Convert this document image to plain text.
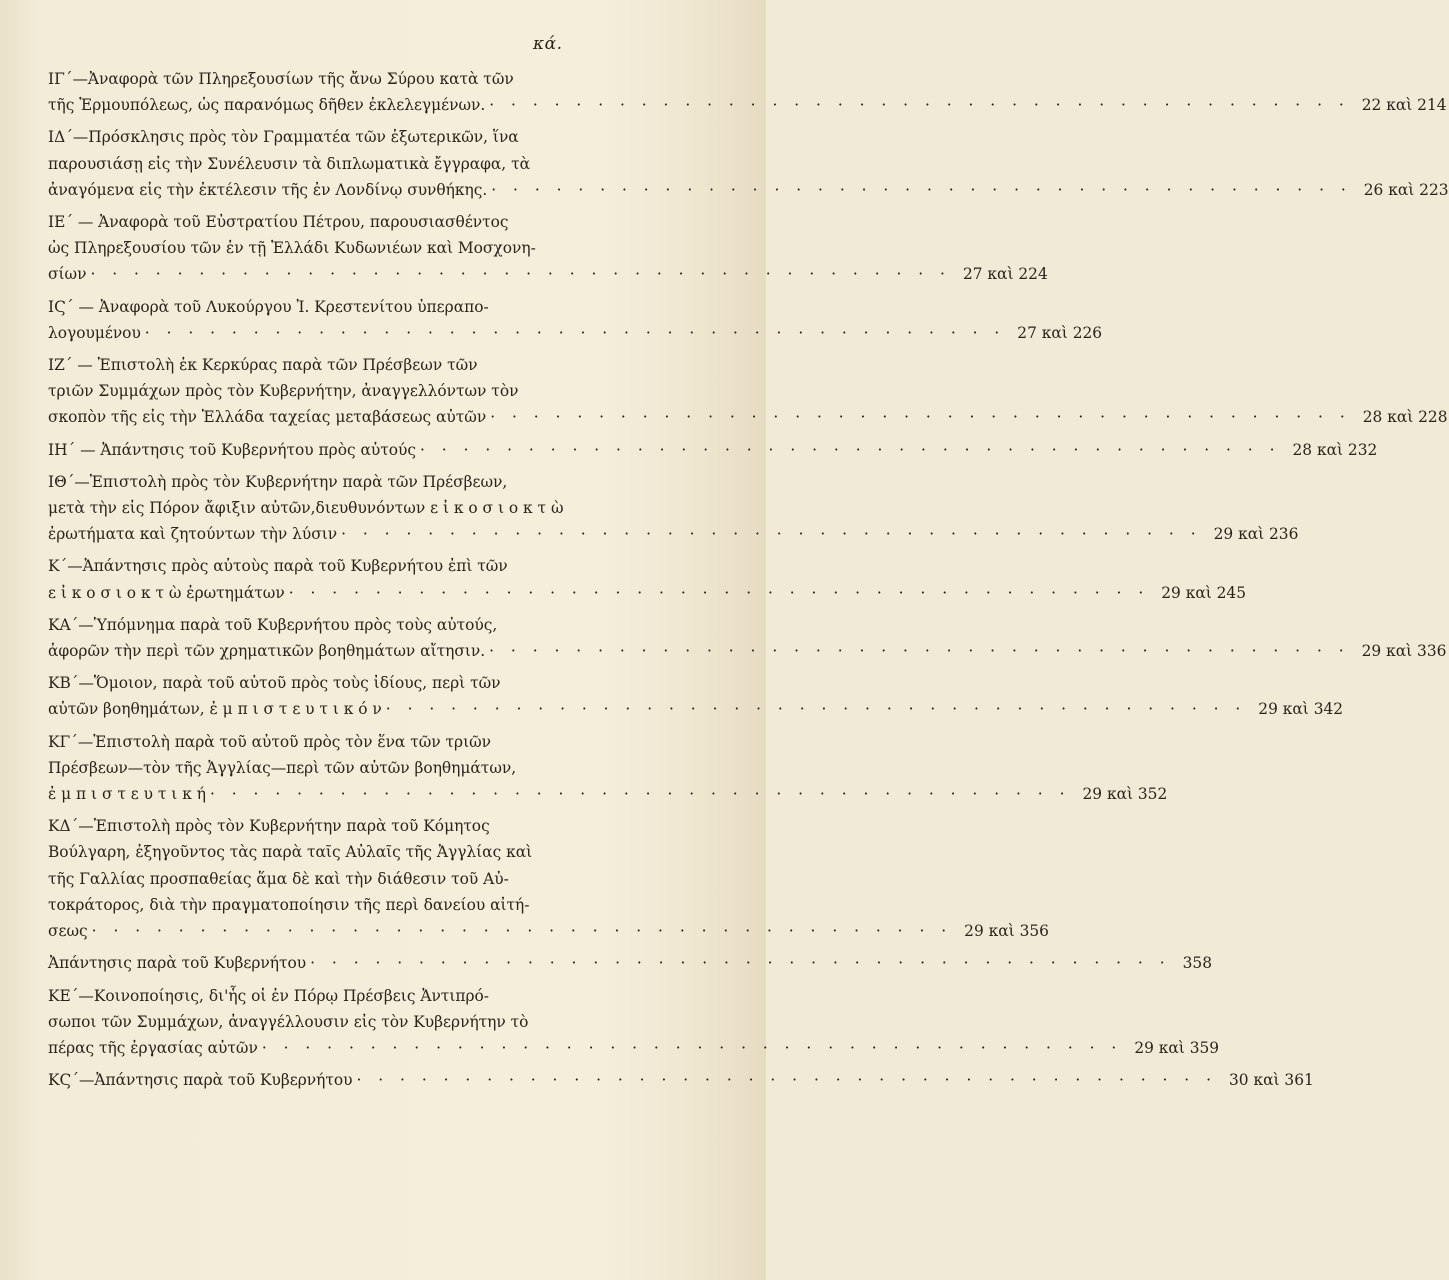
κά.
ΙΓ΄—Ἀναφορὰ τῶν Πληρεξουσίων τῆς ἄνω Σύρου κατὰ τῶν
τῆς Ἑρμουπόλεως, ὡς παρανόμως δῆθεν ἐκλελεγμένων. · · ·	22 καὶ 214
ΙΔ΄—Πρόσκλησις πρὸς τὸν Γραμματέα τῶν ἐξωτερικῶν, ἵνα
παρουσιάσῃ εἰς τὴν Συνέλευσιν τὰ διπλωματικὰ ἔγγραφα, τὰ
ἀναγόμενα εἰς τὴν ἐκτέλεσιν τῆς ἐν Λονδίνῳ συνθήκης. · · ·	26 καὶ 223
ΙΕ΄ — Ἀναφορὰ τοῦ Εὐστρατίου Πέτρου, παρουσιασθέντος
ὡς Πληρεξουσίου τῶν ἐν τῇ Ἑλλάδι Κυδωνιέων καὶ Μοσχονη-
σίων · · ·	27 καὶ 224
ΙϚ΄ — Ἀναφορὰ τοῦ Λυκούργου Ἰ. Κρεστενίτου ὑπεραπο-
λογουμένου · · ·	27 καὶ 226
ΙΖ΄ — Ἐπιστολὴ ἐκ Κερκύρας παρὰ τῶν Πρέσβεων τῶν
τριῶν Συμμάχων πρὸς τὸν Κυβερνήτην, ἀναγγελλόντων τὸν
σκοπὸν τῆς εἰς τὴν Ἑλλάδα ταχείας μεταβάσεως αὐτῶν · · ·	28 καὶ 228
ΙΗ΄ — Ἀπάντησις τοῦ Κυβερνήτου πρὸς αὐτούς · · ·	28 καὶ 232
ΙΘ΄—Ἐπιστολὴ πρὸς τὸν Κυβερνήτην παρὰ τῶν Πρέσβεων,
μετὰ τὴν εἰς Πόρον ἄφιξιν αὐτῶν,διευθυνόντων ε ἰ κ ο σ ι ο κ τ ὼ
ἐρωτήματα καὶ ζητούντων τὴν λύσιν · · ·	29 καὶ 236
Κ΄—Ἀπάντησις πρὸς αὐτοὺς παρὰ τοῦ Κυβερνήτου ἐπὶ τῶν
ε ἰ κ ο σ ι ο κ τ ὼ ἐρωτημάτων · · ·	29 καὶ 245
ΚΑ΄—Ὑπόμνημα παρὰ τοῦ Κυβερνήτου πρὸς τοὺς αὐτούς,
ἀφορῶν τὴν περὶ τῶν χρηματικῶν βοηθημάτων αἴτησιν. · · ·	29 καὶ 336
ΚΒ΄—Ὅμοιον, παρὰ τοῦ αὐτοῦ πρὸς τοὺς ἰδίους, περὶ τῶν
αὐτῶν βοηθημάτων, ἐ μ π ι σ τ ε υ τ ι κ ό ν · · ·	29 καὶ 342
ΚΓ΄—Ἐπιστολὴ παρὰ τοῦ αὐτοῦ πρὸς τὸν ἕνα τῶν τριῶν
Πρέσβεων—τὸν τῆς Ἀγγλίας—περὶ τῶν αὐτῶν βοηθημάτων,
ἐ μ π ι σ τ ε υ τ ι κ ή · · ·	29 καὶ 352
ΚΔ΄—Ἐπιστολὴ πρὸς τὸν Κυβερνήτην παρὰ τοῦ Κόμητος
Βούλγαρη, ἐξηγοῦντος τὰς παρὰ ταῖς Αὐλαῖς τῆς Ἀγγλίας καὶ
τῆς Γαλλίας προσπαθείας ἅμα δὲ καὶ τὴν διάθεσιν τοῦ Αὐ-
τοκράτορος, διὰ τὴν πραγματοποίησιν τῆς περὶ δανείου αἰτή-
σεως · · ·	29 καὶ 356
Ἀπάντησις παρὰ τοῦ Κυβερνήτου · · ·	358
ΚΕ΄—Κοινοποίησις, δι'ἧς οἱ ἐν Πόρῳ Πρέσβεις Ἀντιπρό-
σωποι τῶν Συμμάχων, ἀναγγέλλουσιν εἰς τὸν Κυβερνήτην τὸ
πέρας τῆς ἐργασίας αὐτῶν · · ·	29 καὶ 359
ΚϚ΄—Ἀπάντησις παρὰ τοῦ Κυβερνήτου · · ·	30 καὶ 361
